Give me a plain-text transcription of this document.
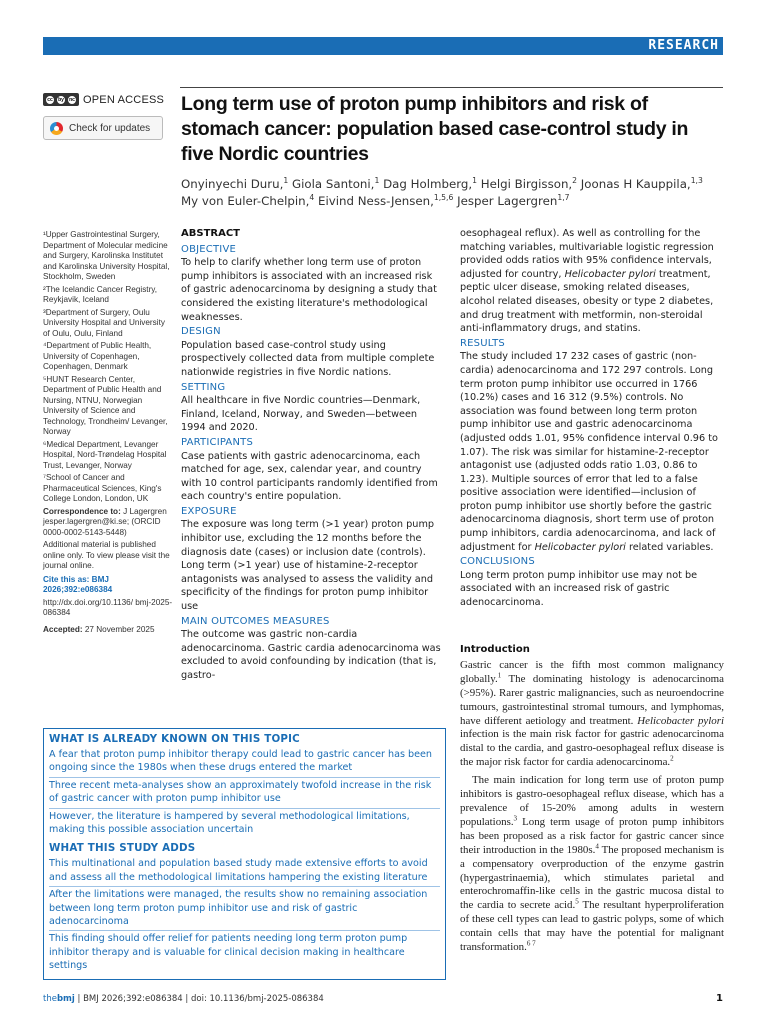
RESEARCH
cc	by	nc OPEN ACCESS
Check for updates
Long term use of proton pump inhibitors and risk of stomach cancer: population based case-control study in five Nordic countries
Onyinyechi Duru,$^1$ Giola Santoni,$^1$ Dag Holmberg,$^1$ Helgi Birgisson,$^2$ Joonas H Kauppila,$^{1,3}$
My von Euler-Chelpin,$^4$ Eivind Ness-Jensen,$^{1,5,6}$ Jesper Lagergren$^{1,7}$

¹Upper Gastrointestinal Surgery, Department of Molecular medicine and Surgery, Karolinska Institutet and Karolinska University Hospital, Stockholm, Sweden

²The Icelandic Cancer Registry, Reykjavik, Iceland

³Department of Surgery, Oulu University Hospital and University of Oulu, Oulu, Finland

⁴Department of Public Health, University of Copenhagen, Copenhagen, Denmark

⁵HUNT Research Center, Department of Public Health and Nursing, NTNU, Norwegian University of Science and Technology, Trondheim/ Levanger, Norway

⁶Medical Department, Levanger Hospital, Nord-Trøndelag Hospital Trust, Levanger, Norway

⁷School of Cancer and Pharmaceutical Sciences, King's College London, London, UK

Correspondence to: J Lagergren jesper.lagergren@ki.se; (ORCID 0000-0002-5143-5448)

Additional material is published online only. To view please visit the journal online.

Cite this as: BMJ 2026;392:e086384

http://dx.doi.org/10.1136/ bmj-2025-086384

Accepted: 27 November 2025

ABSTRACT
OBJECTIVE

To help to clarify whether long term use of proton pump inhibitors is associated with an increased risk of gastric adenocarcinoma by designing a study that considered the existing literature's methodological weaknesses.

DESIGN

Population based case-control study using prospectively collected data from multiple complete nationwide registries in five Nordic nations.

SETTING

All healthcare in five Nordic countries—Denmark, Finland, Iceland, Norway, and Sweden—between 1994 and 2020.

PARTICIPANTS

Case patients with gastric adenocarcinoma, each matched for age, sex, calendar year, and country with 10 control participants randomly identified from each country's entire population.

EXPOSURE

The exposure was long term (>1 year) proton pump inhibitor use, excluding the 12 months before the diagnosis date (cases) or inclusion date (controls). Long term (>1 year) use of histamine-2-receptor antagonists was analysed to assess the validity and specificity of the findings for proton pump inhibitor use

MAIN OUTCOMES MEASURES

The outcome was gastric non-cardia adenocarcinoma. Gastric cardia adenocarcinoma was excluded to avoid confounding by indication (that is, gastro-

oesophageal reflux). As well as controlling for the matching variables, multivariable logistic regression provided odds ratios with 95% confidence intervals, adjusted for country, Helicobacter pylori treatment, peptic ulcer disease, smoking related diseases, alcohol related diseases, obesity or type 2 diabetes, and drug treatment with metformin, non-steroidal anti-inflammatory drugs, and statins.

RESULTS

The study included 17 232 cases of gastric (non-cardia) adenocarcinoma and 172 297 controls. Long term proton pump inhibitor use occurred in 1766 (10.2%) cases and 16 312 (9.5%) controls. No association was found between long term proton pump inhibitor use and gastric adenocarcinoma (adjusted odds 1.01, 95% confidence interval 0.96 to 1.07). The risk was similar for histamine-2-receptor antagonist use (adjusted odds ratio 1.03, 0.86 to 1.23). Multiple sources of error that led to a false positive association were identified—inclusion of proton pump inhibitor use shortly before the gastric adenocarcinoma diagnosis, short term use of proton pump inhibitors, cardia adenocarcinoma, and lack of adjustment for Helicobacter pylori related variables.

CONCLUSIONS

Long term proton pump inhibitor use may not be associated with an increased risk of gastric adenocarcinoma.

WHAT IS ALREADY KNOWN ON THIS TOPIC
A fear that proton pump inhibitor therapy could lead to gastric cancer has been ongoing since the 1980s when these drugs entered the market
Three recent meta-analyses show an approximately twofold increase in the risk of gastric cancer with proton pump inhibitor use
However, the literature is hampered by several methodological limitations, making this possible association uncertain
WHAT THIS STUDY ADDS
This multinational and population based study made extensive efforts to avoid and assess all the methodological limitations hampering the existing literature
After the limitations were managed, the results show no remaining association between long term proton pump inhibitor use and risk of gastric adenocarcinoma
This finding should offer relief for patients needing long term proton pump inhibitor therapy and is valuable for clinical decision making in healthcare settings
Introduction

Gastric cancer is the fifth most common malignancy globally.$^1$ The dominating histology is adenocarcinoma (>95%). Rarer gastric malignancies, such as neuroendocrine tumours, gastrointestinal stromal tumours, and lymphomas, have different aetiology and treatment. Helicobacter pylori infection is the main risk factor for gastric adenocarcinoma distal to the cardia, and gastro-oesophageal reflux disease is the major risk factor for cardia adenocarcinoma.$^2$

The main indication for long term use of proton pump inhibitors is gastro-oesophageal reflux disease, which has a prevalence of 15-20% among adults in western populations.$^3$ Long term usage of proton pump inhibitors has been proposed as a risk factor for gastric cancer since their introduction in the 1980s.$^4$ The proposed mechanism is a compensatory overproduction of the enzyme gastrin (hypergastrinaemia), which stimulates parietal and enterochromaffin-like cells in the gastric mucosa distal to the cardia to secrete acid.$^5$ The resultant hyperproliferation of these cell types can lead to gastric polyps, some of which contain cells that may have the potential for malignant transformation.$^{6 7}$

thebmj | BMJ 2026;392:e086384 | doi: 10.1136/bmj-2025-086384	1
